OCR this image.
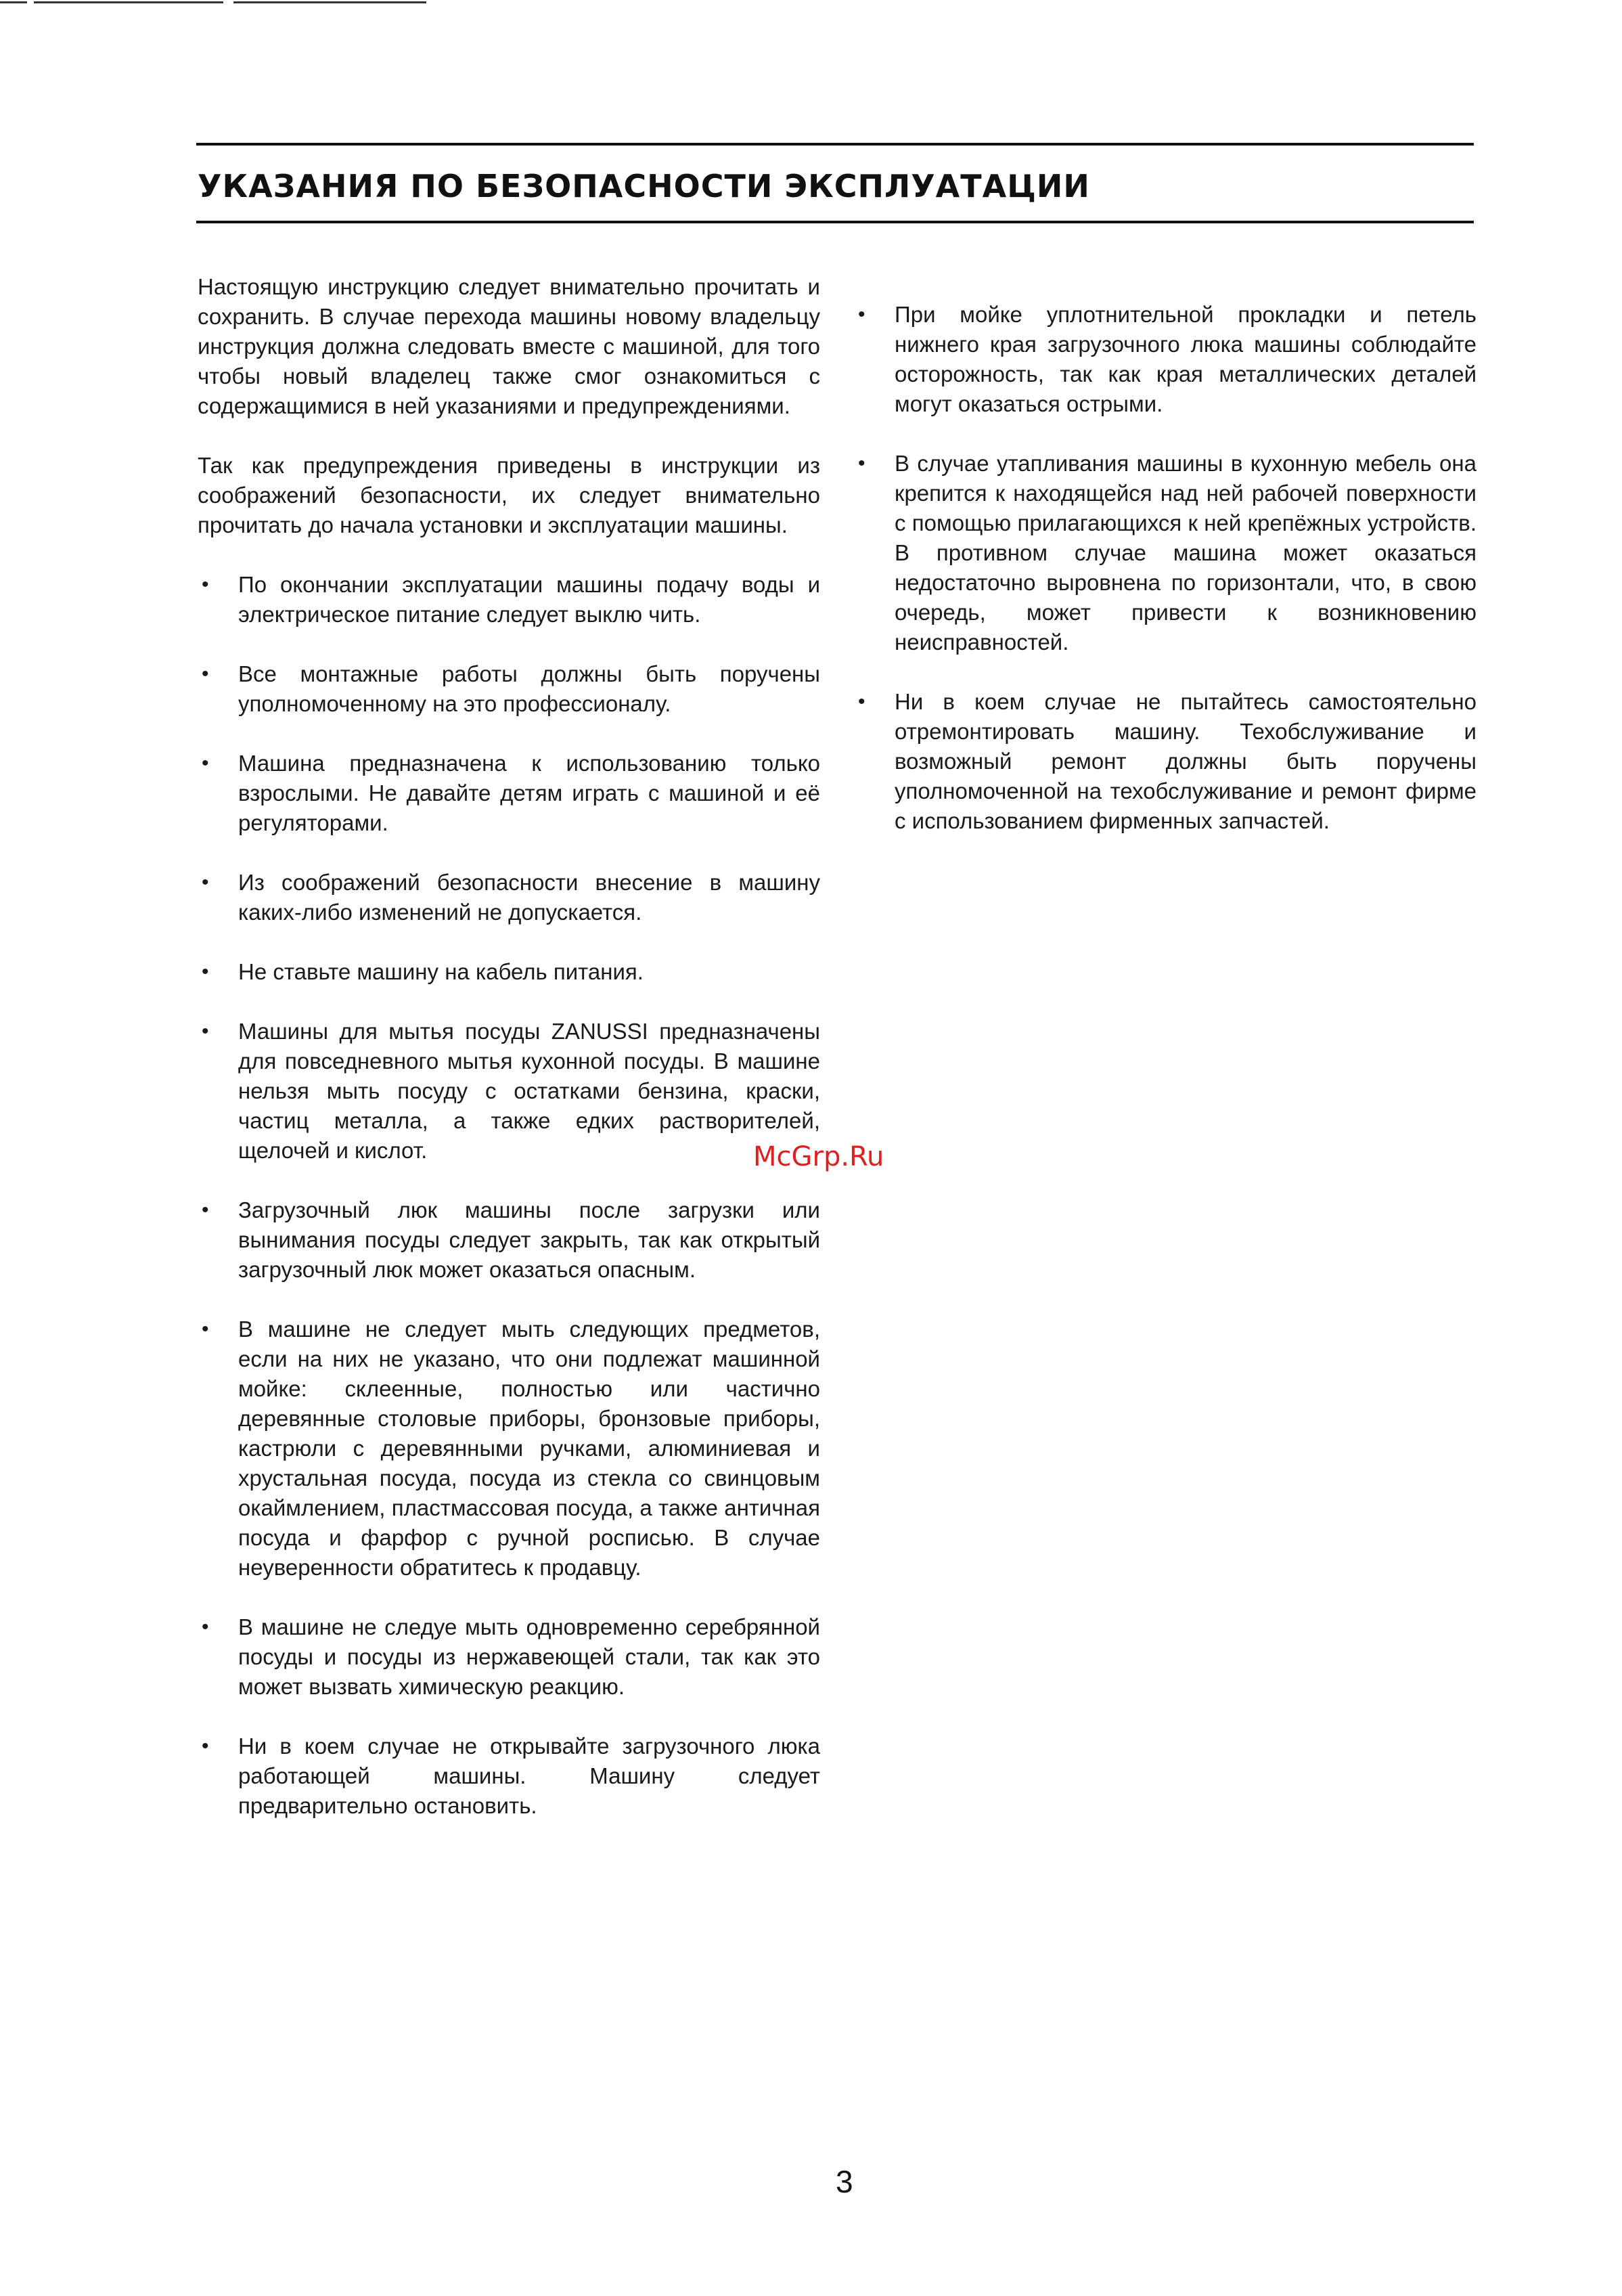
УКАЗАНИЯ ПО БЕЗОПАСНОСТИ ЭКСПЛУАТАЦИИ

Настоящую инструкцию следует внимательно прочитать и сохранить. В случае перехода машины новому владельцу инструкция должна следовать вместе с машиной, для того чтобы новый владелец также смог ознакомиться с содержащимися в ней указаниями и предупреждениями.

Так как предупреждения приведены в инструкции из соображений безопасности, их следует внимательно прочитать до начала установки и эксплуатации машины.

• По окончании эксплуатации машины подачу воды и электрическое питание следует выклю чить.
• Все монтажные работы должны быть поручены уполномоченному на это профессионалу.
• Машина предназначена к использованию только взрослыми. Не давайте детям играть с машиной и её регуляторами.
• Из соображений безопасности внесение в машину каких-либо изменений не допускается.
• Не ставьте машину на кабель питания.
• Машины для мытья посуды ZANUSSI предназначены для повседневного мытья кухонной посуды. В машине нельзя мыть посуду с остатками бензина, краски, частиц металла, а также едких растворителей, щелочей и кислот.
• Загрузочный люк машины после загрузки или вынимания посуды следует закрыть, так как открытый загрузочный люк может оказаться опасным.
• В машине не следует мыть следующих предметов, если на них не указано, что они подлежат машинной мойке: склеенные, полностью или частично деревянные столовые приборы, бронзовые приборы, кастрюли с деревянными ручками, алюминиевая и хрустальная посуда, посуда из стекла со свинцовым окаймлением, пластмассовая посуда, а также античная посуда и фарфор с ручной росписью. В случае неуверенности обратитесь к продавцу.
• В машине не следуе мыть одновременно серебрянной посуды и посуды из нержавеющей стали, так как это может вызвать химическую реакцию.
• Ни в коем случае не открывайте загрузочного люка работающей машины. Машину следует предварительно остановить.
• При мойке уплотнительной прокладки и петель нижнего края загрузочного люка машины соблюдайте осторожность, так как края металлических деталей могут оказаться острыми.
• В случае утапливания машины в кухонную мебель она крепится к находящейся над ней рабочей поверхности с помощью прилагающихся к ней крепёжных устройств. В противном случае машина может оказаться недостаточно выровнена по горизонтали, что, в свою очередь, может привести к возникновению неисправностей.
• Ни в коем случае не пытайтесь самостоятельно отремонтировать машину. Техобслуживание и возможный ремонт должны быть поручены уполномоченной на техобслуживание и ремонт фирме с использованием фирменных запчастей.
McGrp.Ru
3
